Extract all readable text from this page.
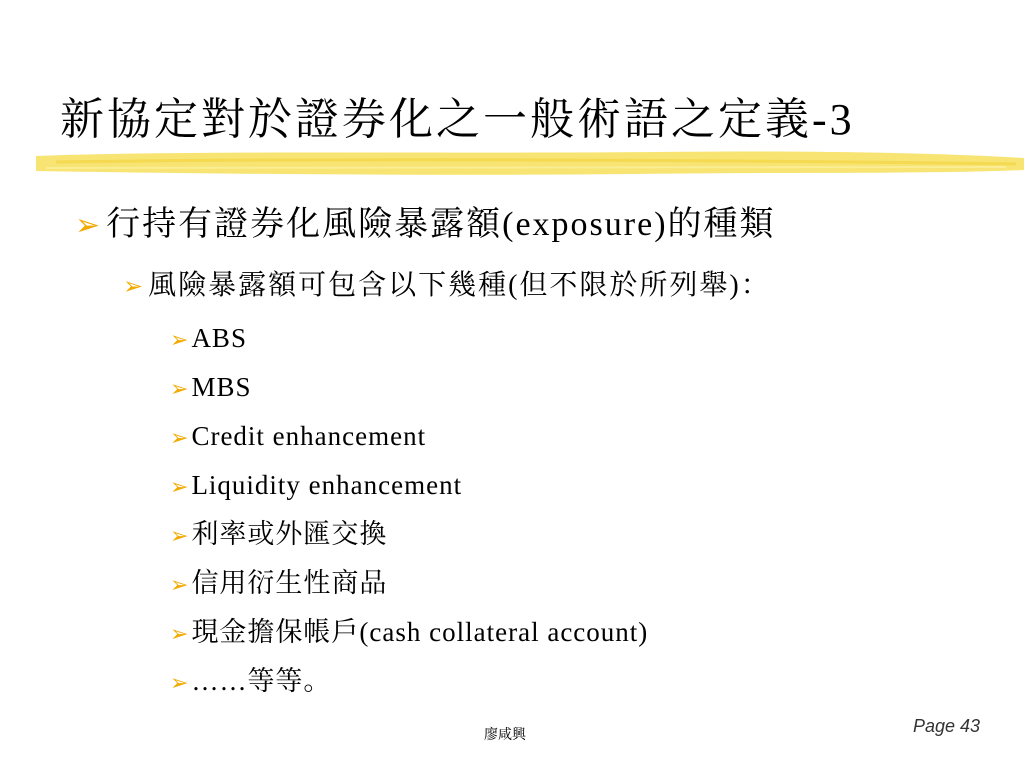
新協定對於證券化之一般術語之定義-3
➢ 行持有證券化風險暴露額(exposure)的種類
➢ 風險暴露額可包含以下幾種(但不限於所列舉)：
➢ABS
➢MBS
➢Credit enhancement
➢Liquidity enhancement
➢利率或外匯交換
➢信用衍生性商品
➢現金擔保帳戶(cash collateral account)
➢……等等。
廖咸興	Page 43
